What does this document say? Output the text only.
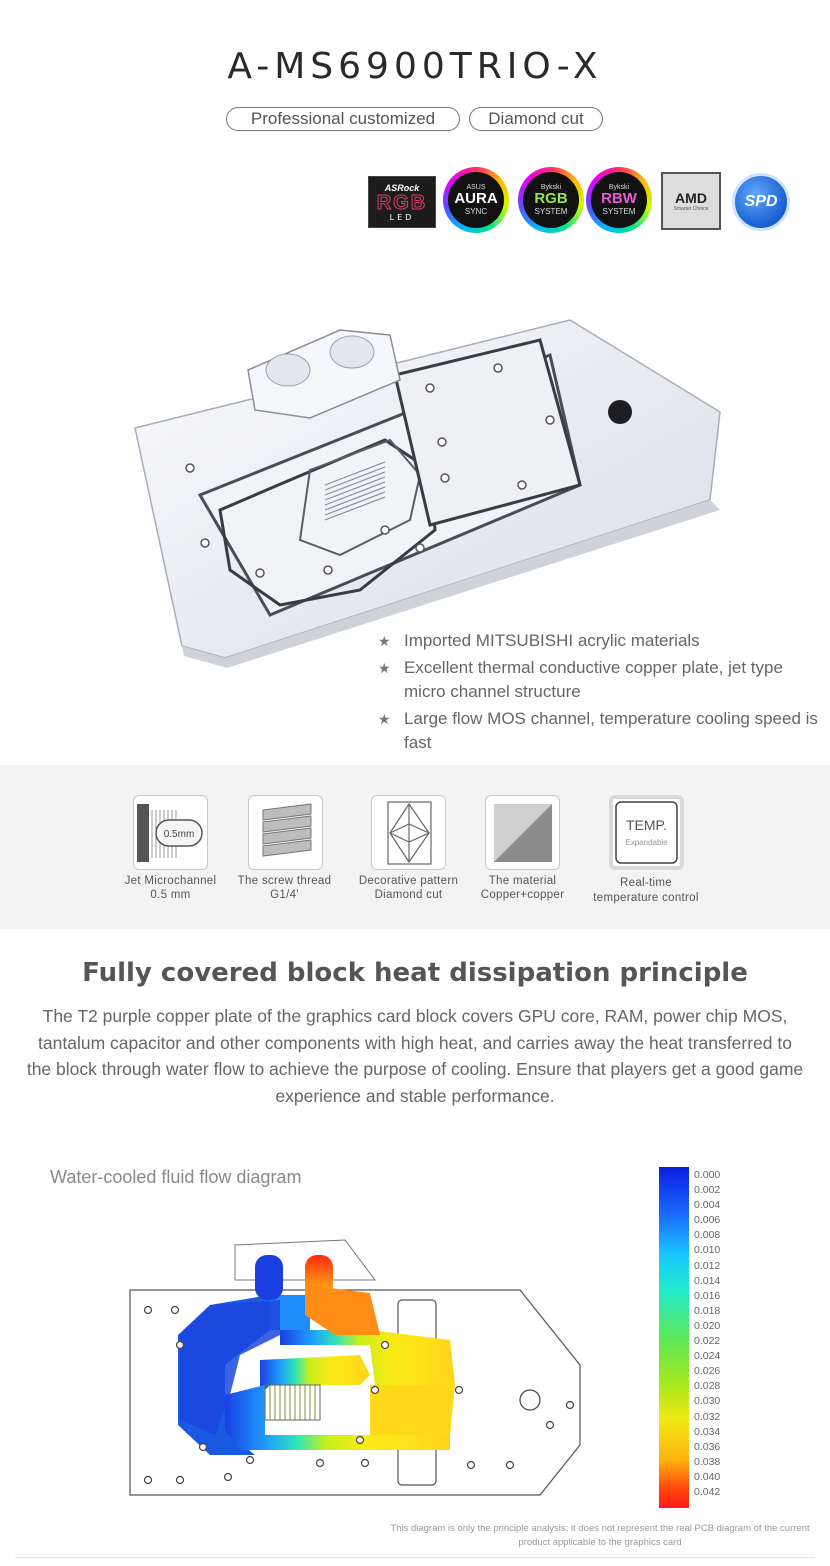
A-MS6900TRIO-X
Professional customized	Diamond cut
ASRock
RGB
LED
ASUS
AURA
SYNC
Bykski
RGB
SYSTEM
Bykski
RBW
SYSTEM
AMD
Smarter Choice SPD
★ Imported MITSUBISHI acrylic materials
★ Excellent thermal conductive copper plate, jet type micro channel structure
★ Large flow MOS channel, temperature cooling speed is fast
0.5mm
TEMP.
Expandable
Jet Microchannel
0.5 mm
The screw thread
G1/4'
Decorative pattern
Diamond cut
The material
Copper+copper
Real-time
temperature control
Fully covered block heat dissipation principle

The T2 purple copper plate of the graphics card block covers GPU core, RAM, power chip MOS, tantalum capacitor and other components with high heat, and carries away the heat transferred to the block through water flow to achieve the purpose of cooling. Ensure that players get a good game experience and stable performance.

Water-cooled fluid flow diagram	0.000
0.002
0.004
0.006
0.008
0.010
0.012
0.014
0.016
0.018
0.020
0.022
0.024
0.026
0.028
0.030
0.032
0.034
0.036
0.038
0.040
0.042
This diagram is only the principle analysis; it does not represent the real PCB diagram of the current product applicable to the graphics card
